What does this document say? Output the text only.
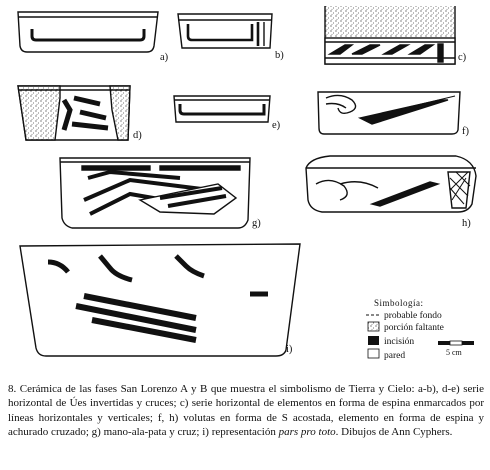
a)	b)	c)
d)
e)
f)
g)	h)
i)
Simbología:
probable fondo
porción faltante
incisión
pared	5 cm

8. Cerámica de las fases San Lorenzo A y B que muestra el simbolismo de Tierra y Cielo: a-b), d-e) serie horizontal de Úes invertidas y cruces; c) serie horizontal de elementos en forma de espina enmarcados por líneas horizontales y verticales; f, h) volutas en forma de S acostada, elemento en forma de espina y achurado cruzado; g) mano-ala-pata y cruz; i) representación pars pro toto. Dibujos de Ann Cyphers.
